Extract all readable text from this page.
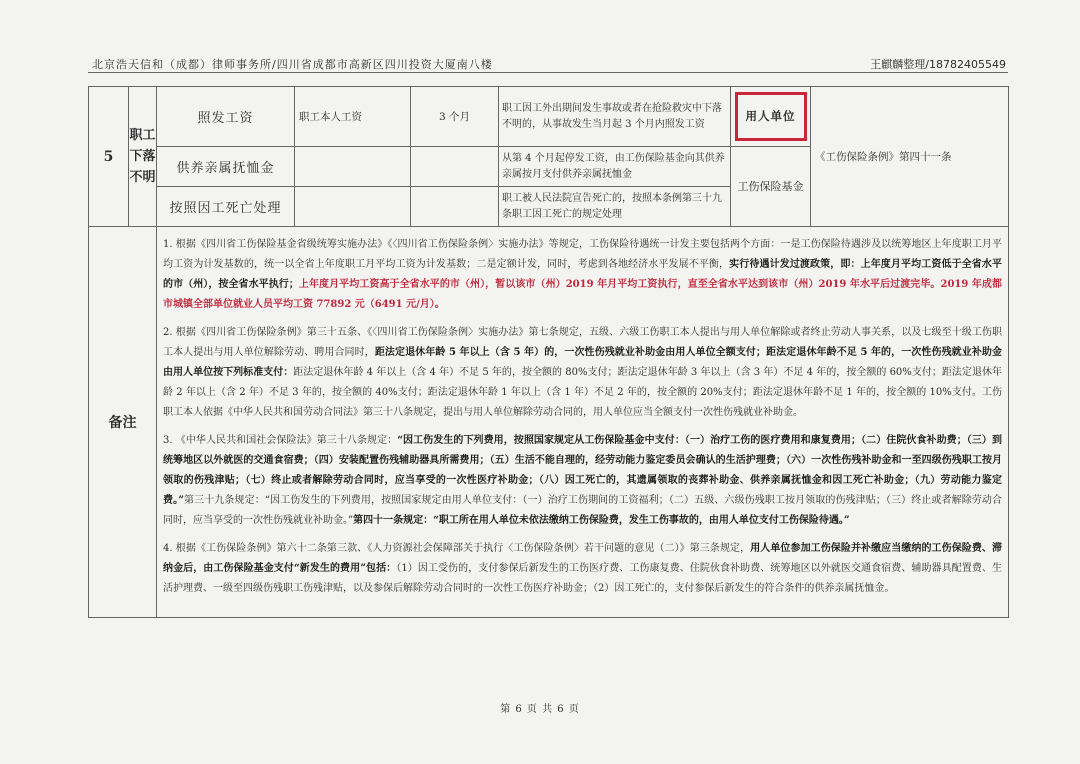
北京浩天信和（成都）律师事务所/四川省成都市高新区四川投资大厦南八楼	王麒麟整理/18782405549
5	职工下落不明	照发工资	职工本人工资	3 个月	职工因工外出期间发生事故或者在抢险救灾中下落不明的，从事故发生当月起 3 个月内照发工资	用人单位	《工伤保险条例》第四十一条
		供养亲属抚恤金			从第 4 个月起停发工资，由工伤保险基金向其供养亲属按月支付供养亲属抚恤金	工伤保险基金	
		按照因工死亡处理			职工被人民法院宣告死亡的，按照本条例第三十九条职工因工死亡的规定处理		
备注		1. 根据《四川省工伤保险基金省级统筹实施办法》《〈四川省工伤保险条例〉实施办法》等规定，工伤保险待遇统一计发主要包括两个方面：一是工伤保险待遇涉及以统筹地区上年度职工月平均工资为计发基数的，统一以全省上年度职工月平均工资为计发基数；二是定额计发，同时，考虑到各地经济水平发展不平衡，实行待遇计发过渡政策，即：上年度月平均工资低于全省水平的市（州），按全省水平执行；上年度月平均工资高于全省水平的市（州），暂以该市（州）2019 年月平均工资执行，直至全省水平达到该市（州）2019 年水平后过渡完毕。2019 年成都市城镇全部单位就业人员平均工资 77892 元（6491 元/月）。

2. 根据《四川省工伤保险条例》第三十五条、《〈四川省工伤保险条例〉实施办法》第七条规定，五级、六级工伤职工本人提出与用人单位解除或者终止劳动人事关系，以及七级至十级工伤职工本人提出与用人单位解除劳动、聘用合同时，距法定退休年龄 5 年以上（含 5 年）的，一次性伤残就业补助金由用人单位全额支付；距法定退休年龄不足 5 年的，一次性伤残就业补助金由用人单位按下列标准支付：距法定退休年龄 4 年以上（含 4 年）不足 5 年的，按全额的 80%支付；距法定退休年龄 3 年以上（含 3 年）不足 4 年的，按全额的 60%支付；距法定退休年龄 2 年以上（含 2 年）不足 3 年的，按全额的 40%支付；距法定退休年龄 1 年以上（含 1 年）不足 2 年的，按全额的 20%支付；距法定退休年龄不足 1 年的，按全额的 10%支付。工伤职工本人依据《中华人民共和国劳动合同法》第三十八条规定，提出与用人单位解除劳动合同的，用人单位应当全额支付一次性伤残就业补助金。

3. 《中华人民共和国社会保险法》第三十八条规定：“因工伤发生的下列费用，按照国家规定从工伤保险基金中支付：（一）治疗工伤的医疗费用和康复费用；（二）住院伙食补助费；（三）到统筹地区以外就医的交通食宿费；（四）安装配置伤残辅助器具所需费用；（五）生活不能自理的，经劳动能力鉴定委员会确认的生活护理费；（六）一次性伤残补助金和一至四级伤残职工按月领取的伤残津贴；（七）终止或者解除劳动合同时，应当享受的一次性医疗补助金；（八）因工死亡的，其遗属领取的丧葬补助金、供养亲属抚恤金和因工死亡补助金；（九）劳动能力鉴定费。”第三十九条规定：“因工伤发生的下列费用，按照国家规定由用人单位支付：（一）治疗工伤期间的工资福利；（二）五级、六级伤残职工按月领取的伤残津贴；（三）终止或者解除劳动合同时，应当享受的一次性伤残就业补助金。”第四十一条规定：“职工所在用人单位未依法缴纳工伤保险费，发生工伤事故的，由用人单位支付工伤保险待遇。”

4. 根据《工伤保险条例》第六十二条第三款、《人力资源社会保障部关于执行〈工伤保险条例〉若干问题的意见（二）》第三条规定，用人单位参加工伤保险并补缴应当缴纳的工伤保险费、滞纳金后，由工伤保险基金支付“新发生的费用”包括：（1）因工受伤的，支付参保后新发生的工伤医疗费、工伤康复费、住院伙食补助费、统筹地区以外就医交通食宿费、辅助器具配置费、生活护理费、一级至四级伤残职工伤残津贴，以及参保后解除劳动合同时的一次性工伤医疗补助金；（2）因工死亡的，支付参保后新发生的符合条件的供养亲属抚恤金。					

第 6 页 共 6 页
